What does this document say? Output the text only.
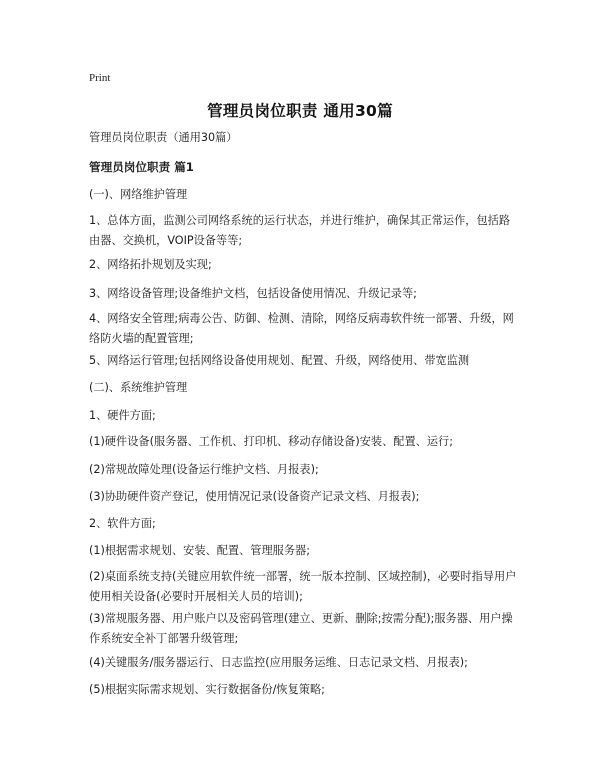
Print
管理员岗位职责 通用30篇
管理员岗位职责（通用30篇）
管理员岗位职责 篇1
(一)、网络维护管理
1、总体方面，监测公司网络系统的运行状态，并进行维护，确保其正常运作，包括路由器、交换机，VOIP设备等等;
2、网络拓扑规划及实现;
3、网络设备管理;设备维护文档，包括设备使用情况、升级记录等;
4、网络安全管理;病毒公告、防御、检测、清除，网络反病毒软件统一部署、升级，网络防火墙的配置管理;
5、网络运行管理;包括网络设备使用规划、配置、升级，网络使用、带宽监测
(二)、系统维护管理
1、硬件方面;
(1)硬件设备(服务器、工作机、打印机、移动存储设备)安装、配置、运行;
(2)常规故障处理(设备运行维护文档、月报表);
(3)协助硬件资产登记，使用情况记录(设备资产记录文档、月报表);
2、软件方面;
(1)根据需求规划、安装、配置、管理服务器;
(2)桌面系统支持(关键应用软件统一部署，统一版本控制、区域控制)，必要时指导用户使用相关设备(必要时开展相关人员的培训);
(3)常规服务器、用户账户以及密码管理(建立、更新、删除;按需分配);服务器、用户操作系统安全补丁部署升级管理;
(4)关键服务/服务器运行、日志监控(应用服务运维、日志记录文档、月报表);
(5)根据实际需求规划、实行数据备份/恢复策略;
